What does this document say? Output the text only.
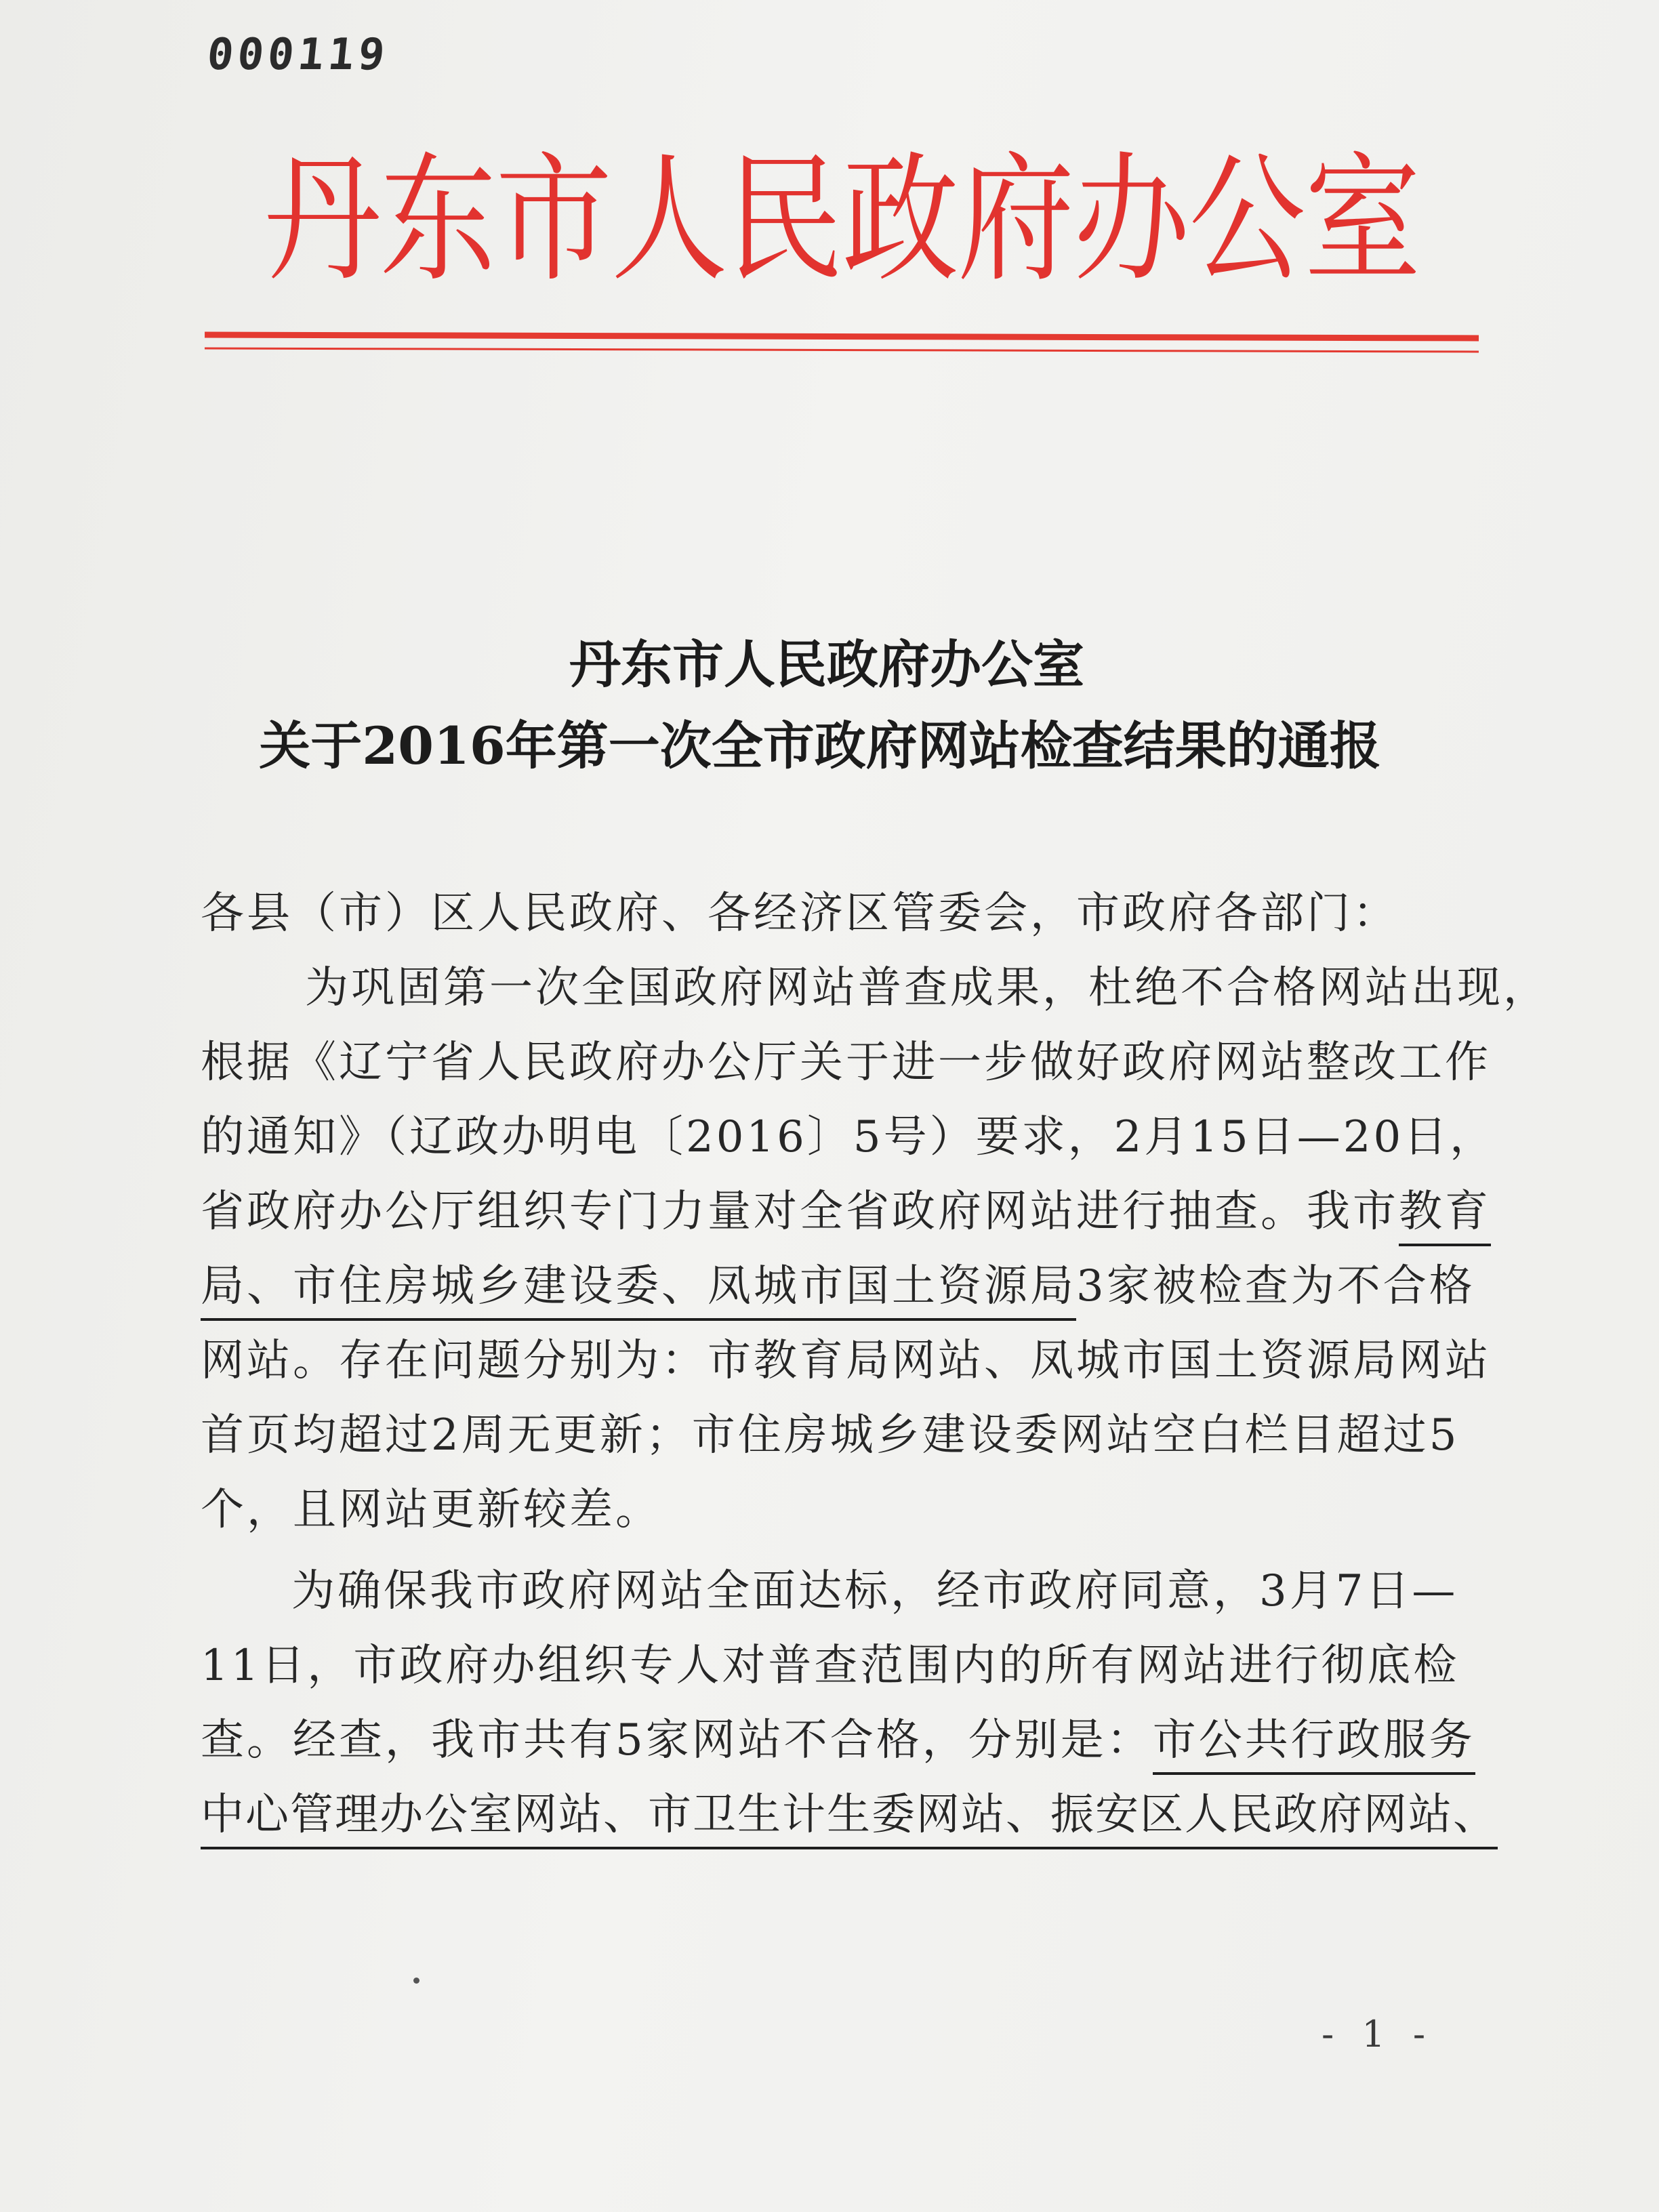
000119
丹东市人民政府办公室
丹东市人民政府办公室
关于2016年第一次全市政府网站检查结果的通报
各县（市）区人民政府、各经济区管委会，市政府各部门：
为巩固第一次全国政府网站普查成果，杜绝不合格网站出现，
根据《辽宁省人民政府办公厅关于进一步做好政府网站整改工作
的通知》（辽政办明电〔2016〕5号）要求，2月15日—20日，
省政府办公厅组织专门力量对全省政府网站进行抽查。我市教育
局、市住房城乡建设委、凤城市国土资源局3家被检查为不合格
网站。存在问题分别为：市教育局网站、凤城市国土资源局网站
首页均超过2周无更新；市住房城乡建设委网站空白栏目超过5
个，且网站更新较差。
为确保我市政府网站全面达标，经市政府同意，3月7日—
11日，市政府办组织专人对普查范围内的所有网站进行彻底检
查。经查，我市共有5家网站不合格，分别是：市公共行政服务
中心管理办公室网站、市卫生计生委网站、振安区人民政府网站、
- 1 -
